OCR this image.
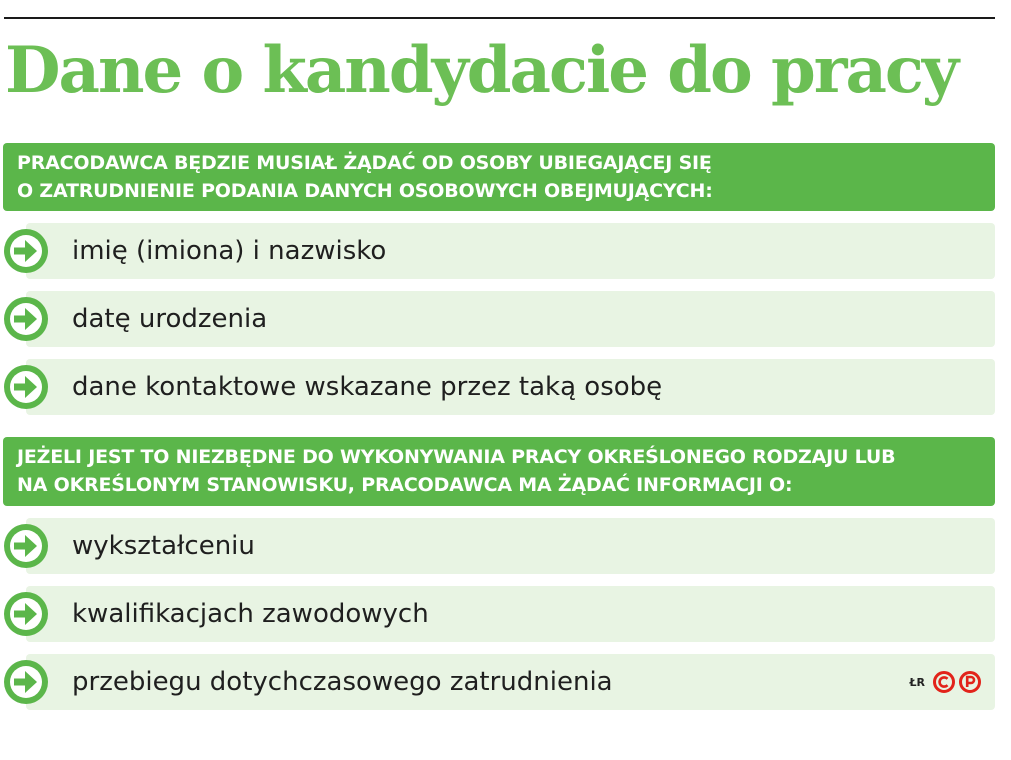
Dane o kandydacie do pracy
PRACODAWCA BĘDZIE MUSIAŁ ŻĄDAĆ OD OSOBY UBIEGAJĄCEJ SIĘ
O ZATRUDNIENIE PODANIA DANYCH OSOBOWYCH OBEJMUJĄCYCH:
imię (imiona) i nazwisko
datę urodzenia
dane kontaktowe wskazane przez taką osobę
JEŻELI JEST TO NIEZBĘDNE DO WYKONYWANIA PRACY OKREŚLONEGO RODZAJU LUB
NA OKREŚLONYM STANOWISKU, PRACODAWCA MA ŻĄDAĆ INFORMACJI O:
wykształceniu
kwalifikacjach zawodowych
przebiegu dotychczasowego zatrudnienia	ŁR
